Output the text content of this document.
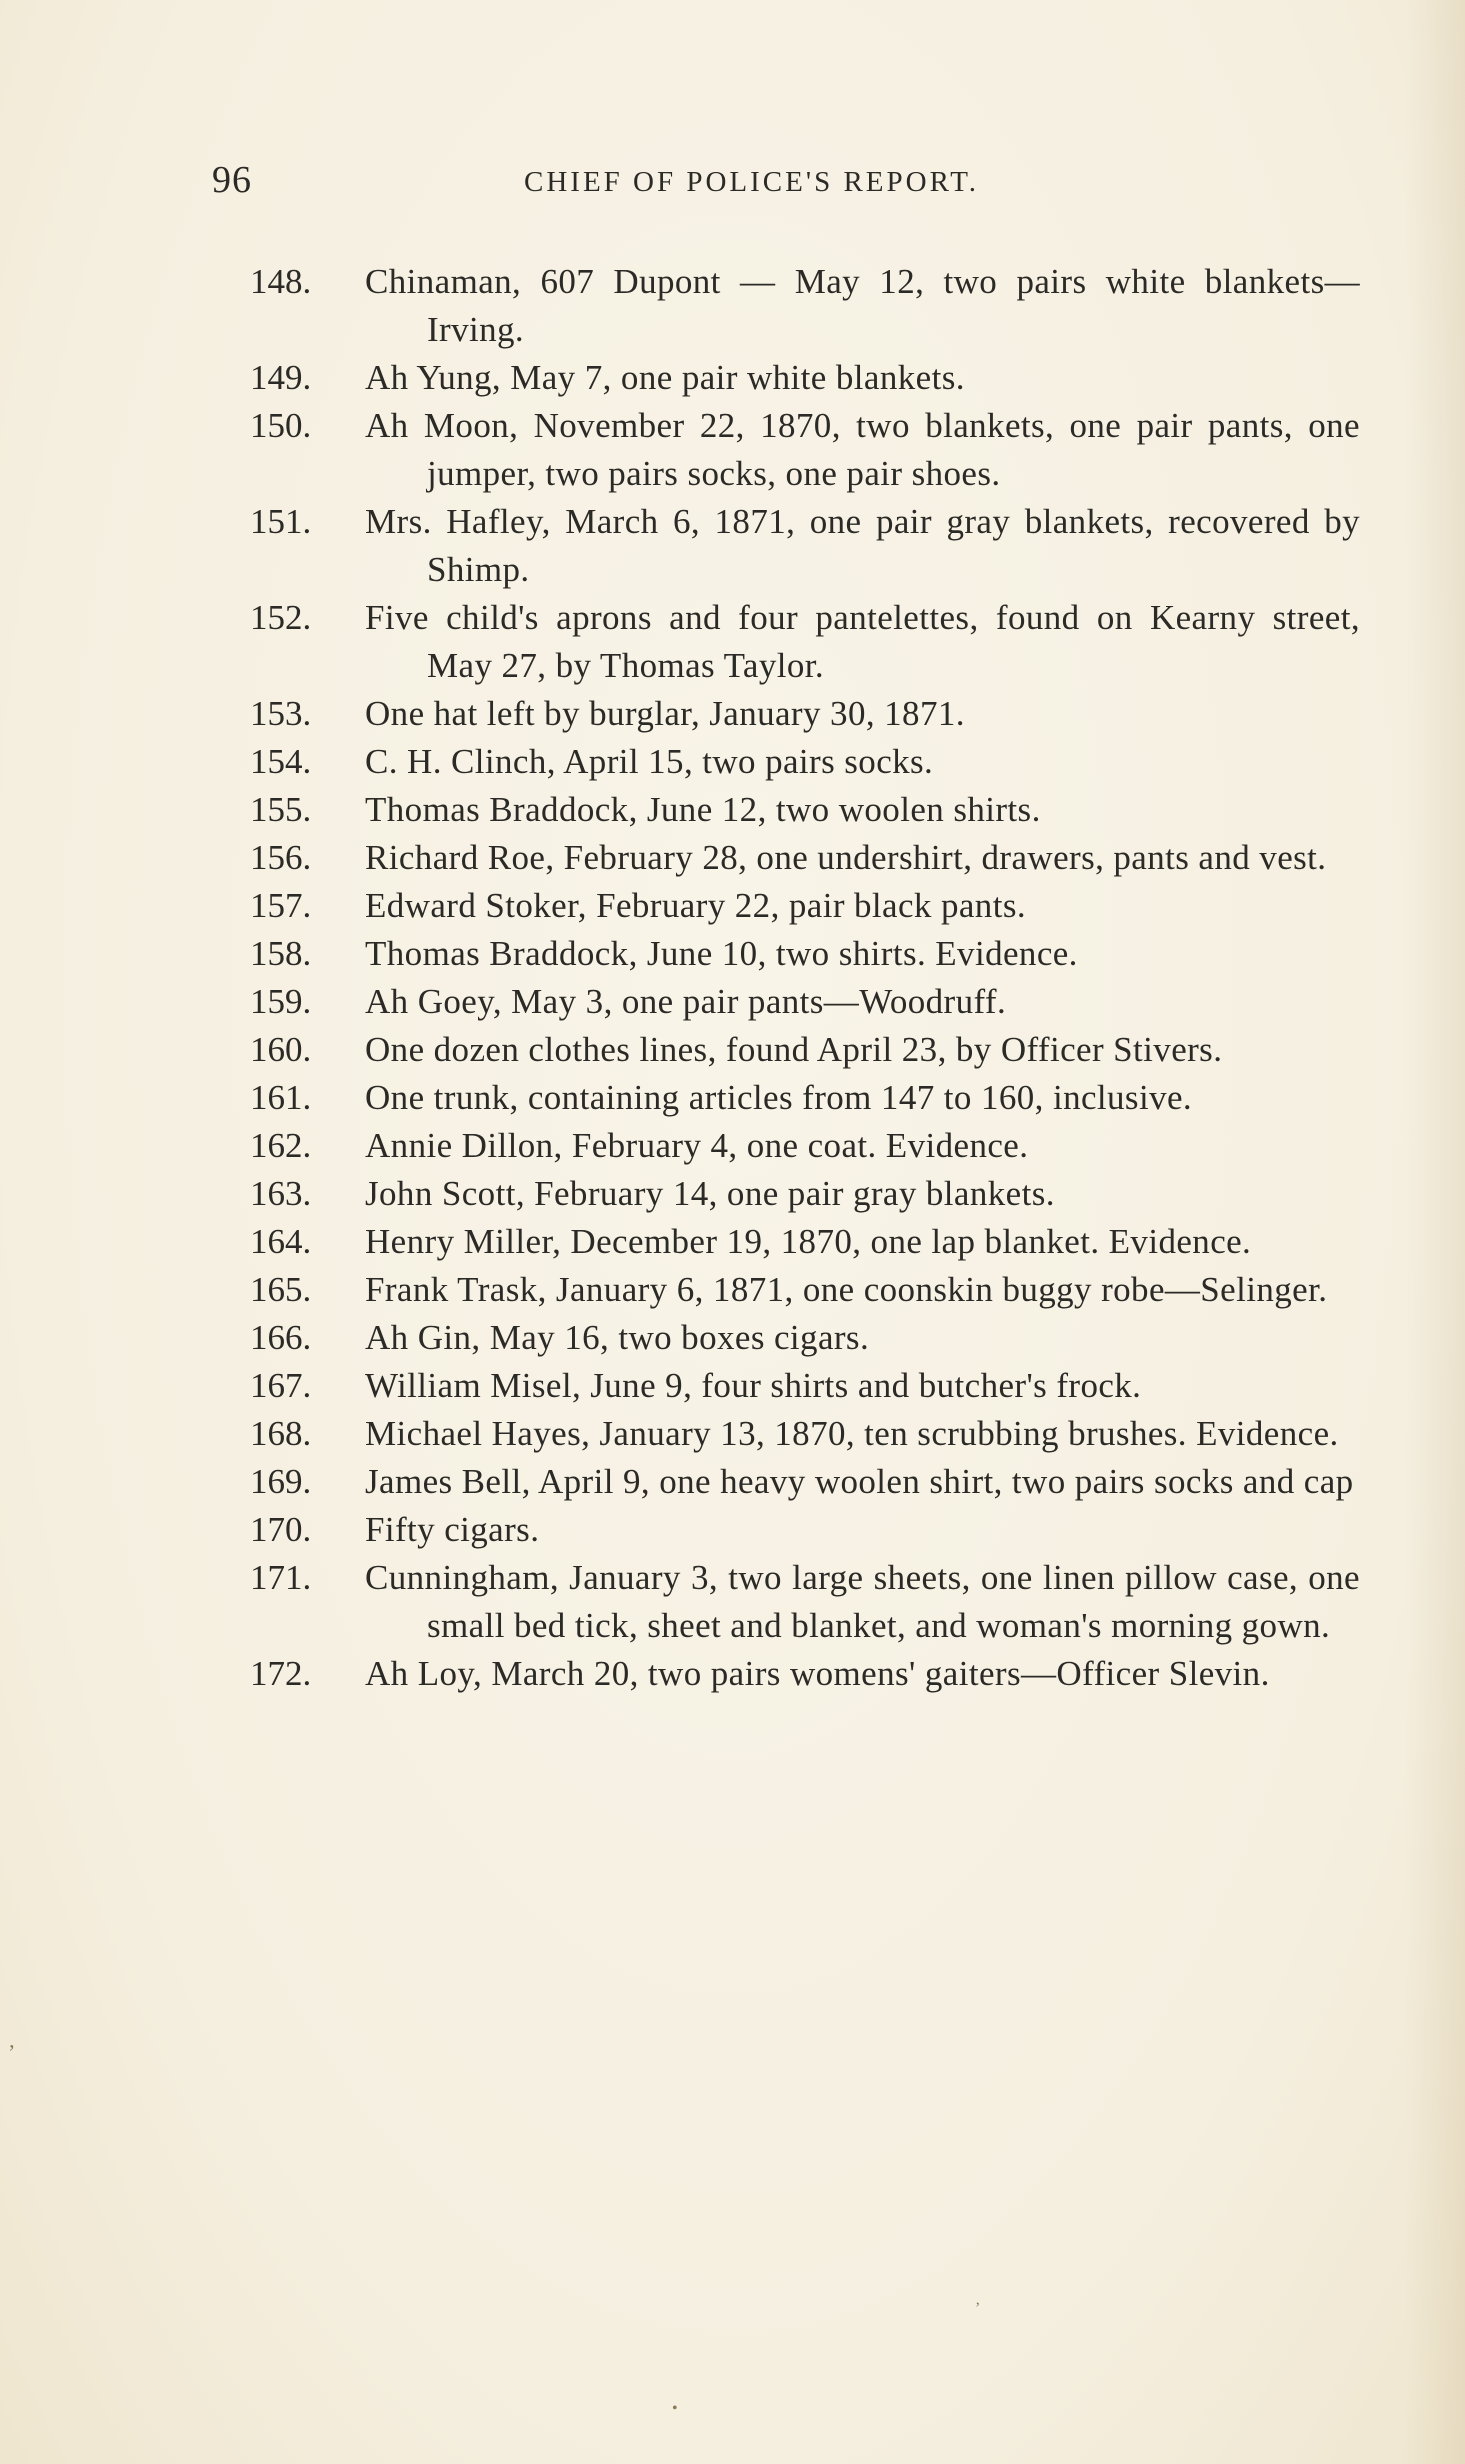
96	CHIEF OF POLICE'S REPORT.
148.	Chinaman, 607 Dupont — May 12, two pairs white blankets—Irving.
149.	Ah Yung, May 7, one pair white blankets.
150.	Ah Moon, November 22, 1870, two blankets, one pair pants, one jumper, two pairs socks, one pair shoes.
151.	Mrs. Hafley, March 6, 1871, one pair gray blankets, recovered by Shimp.
152.	Five child's aprons and four pantelettes, found on Kearny street, May 27, by Thomas Taylor.
153.	One hat left by burglar, January 30, 1871.
154.	C. H. Clinch, April 15, two pairs socks.
155.	Thomas Braddock, June 12, two woolen shirts.
156.	Richard Roe, February 28, one undershirt, drawers, pants and vest.
157.	Edward Stoker, February 22, pair black pants.
158.	Thomas Braddock, June 10, two shirts. Evidence.
159.	Ah Goey, May 3, one pair pants—Woodruff.
160.	One dozen clothes lines, found April 23, by Officer Stivers.
161.	One trunk, containing articles from 147 to 160, inclusive.
162.	Annie Dillon, February 4, one coat. Evidence.
163.	John Scott, February 14, one pair gray blankets.
164.	Henry Miller, December 19, 1870, one lap blanket. Evidence.
165.	Frank Trask, January 6, 1871, one coonskin buggy robe—Selinger.
166.	Ah Gin, May 16, two boxes cigars.
167.	William Misel, June 9, four shirts and butcher's frock.
168.	Michael Hayes, January 13, 1870, ten scrubbing brushes. Evidence.
169.	James Bell, April 9, one heavy woolen shirt, two pairs socks and cap
170.	Fifty cigars.
171.	Cunningham, January 3, two large sheets, one linen pillow case, one small bed tick, sheet and blanket, and woman's morning gown.
172.	Ah Loy, March 20, two pairs womens' gaiters—Officer Slevin.
ʼ
ʼ
•
